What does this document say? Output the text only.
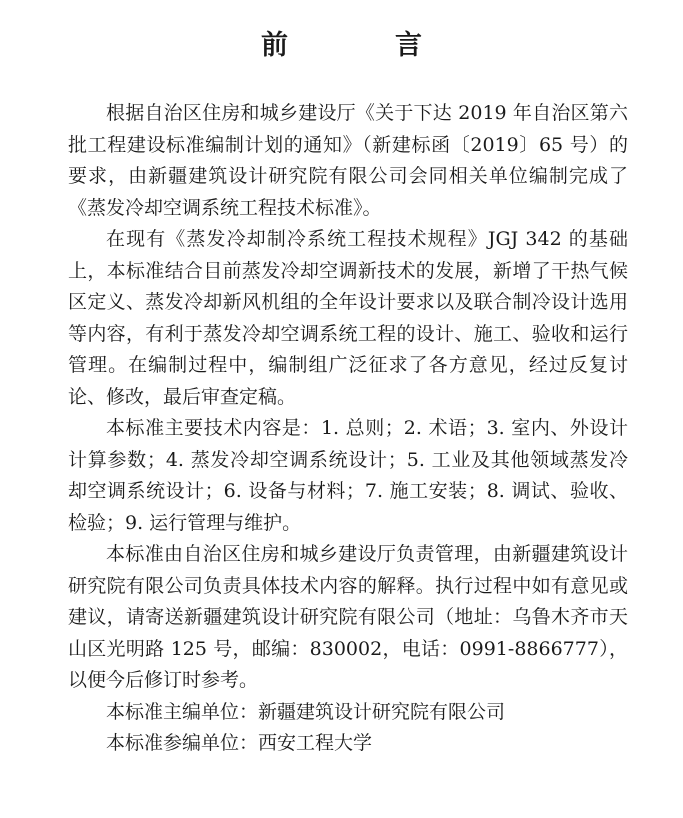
前　言

根据自治区住房和城乡建设厅《关于下达 2019 年自治区第六批工程建设标准编制计划的通知》（新建标函〔2019〕65 号）的要求，由新疆建筑设计研究院有限公司会同相关单位编制完成了《蒸发冷却空调系统工程技术标准》。

在现有《蒸发冷却制冷系统工程技术规程》JGJ 342 的基础上，本标准结合目前蒸发冷却空调新技术的发展，新增了干热气候区定义、蒸发冷却新风机组的全年设计要求以及联合制冷设计选用等内容，有利于蒸发冷却空调系统工程的设计、施工、验收和运行管理。在编制过程中，编制组广泛征求了各方意见，经过反复讨论、修改，最后审查定稿。

本标准主要技术内容是：1. 总则；2. 术语；3. 室内、外设计计算参数；4. 蒸发冷却空调系统设计；5. 工业及其他领域蒸发冷却空调系统设计；6. 设备与材料；7. 施工安装；8. 调试、验收、检验；9. 运行管理与维护。

本标准由自治区住房和城乡建设厅负责管理，由新疆建筑设计研究院有限公司负责具体技术内容的解释。执行过程中如有意见或建议，请寄送新疆建筑设计研究院有限公司（地址：乌鲁木齐市天山区光明路 125 号，邮编：830002，电话：0991-8866777），以便今后修订时参考。

本标准主编单位：新疆建筑设计研究院有限公司

本标准参编单位：西安工程大学
